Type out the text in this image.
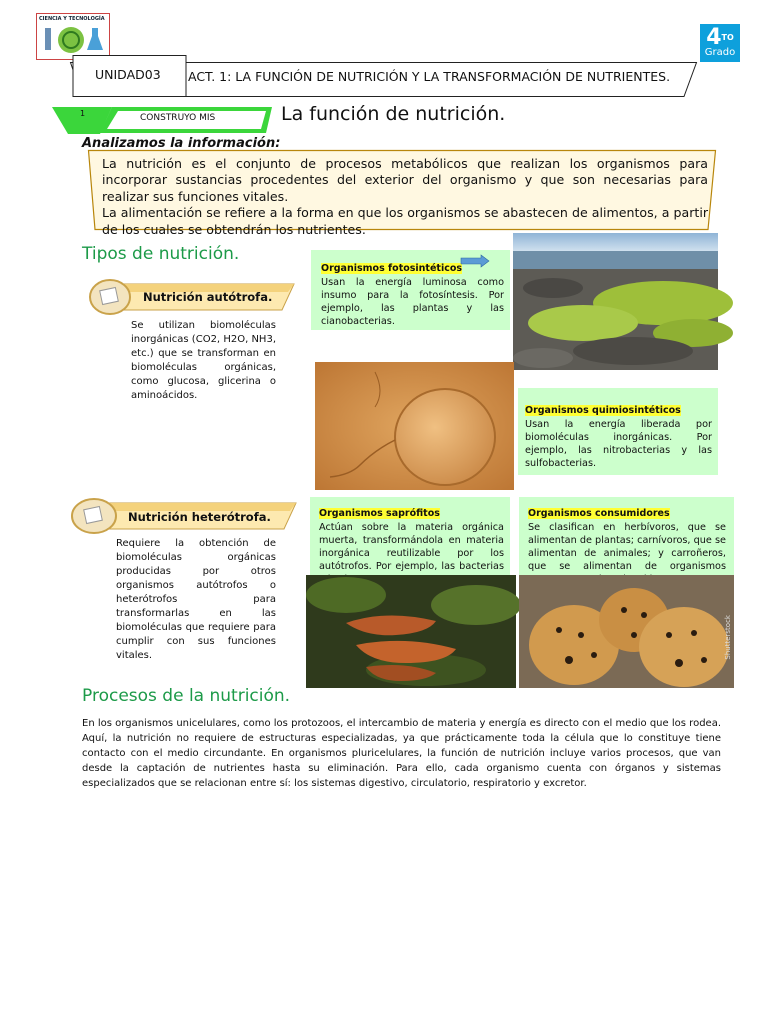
CIENCIA Y TECNOLOGÍA
$4^{TO}$
Grado
UNIDAD03 ACT. 1: LA FUNCIÓN DE NUTRICIÓN Y LA TRANSFORMACIÓN DE NUTRIENTES.
1	CONSTRUYO MIS	La función de nutrición.
Analizamos la información:

La nutrición es el conjunto de procesos metabólicos que realizan los organismos para incorporar sustancias procedentes del exterior del organismo y que son necesarias para realizar sus funciones vitales.

La alimentación se refiere a la forma en que los organismos se abastecen de alimentos, a partir de los cuales se obtendrán los nutrientes.

Tipos de nutrición.
Nutrición autótrofa.
Se utilizan biomoléculas inorgánicas (CO2, H2O, NH3, etc.) que se transforman en biomoléculas orgánicas, como glucosa, glicerina o aminoácidos.
Nutrición heterótrofa.
Requiere la obtención de biomoléculas orgánicas producidas por otros organismos autótrofos o heterótrofos para transformarlas en las biomoléculas que requiere para cumplir con sus funciones vitales.
Organismos fotosintéticos

Usan la energía luminosa como insumo para la fotosíntesis. Por ejemplo, las plantas y las cianobacterias.

Organismos quimiosintéticos

Usan la energía liberada por biomoléculas inorgánicas. Por ejemplo, las nitrobacterias y las sulfobacterias.

Organismos saprófitos

Actúan sobre la materia orgánica muerta, transformándola en materia inorgánica reutilizable por los autótrofos. Por ejemplo, las bacterias

Organismos consumidores

Se clasifican en herbívoros, que se alimentan de plantas; carnívoros, que se alimentan de animales; y carroñeros, que se alimentan de organismos

Shutterstock
Procesos de la nutrición.
En los organismos unicelulares, como los protozoos, el intercambio de materia y energía es directo con el medio que los rodea. Aquí, la nutrición no requiere de estructuras especializadas, ya que prácticamente toda la célula que lo constituye tiene contacto con el medio circundante. En organismos pluricelulares, la función de nutrición incluye varios procesos, que van desde la captación de nutrientes hasta su eliminación. Para ello, cada organismo cuenta con órganos y sistemas especializados que se relacionan entre sí: los sistemas digestivo, circulatorio, respiratorio y excretor.
